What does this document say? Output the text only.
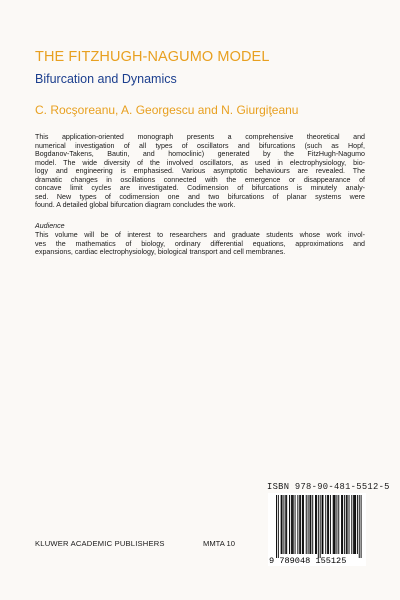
THE FITZHUGH-NAGUMO MODEL
Bifurcation and Dynamics
C. Rocşoreanu, A. Georgescu and N. Giurgiţeanu
This application-oriented monograph presents a comprehensive theoretical and
numerical investigation of all types of oscillators and bifurcations (such as Hopf,
Bogdanov-Takens, Bautin, and homoclinic) generated by the FitzHugh-Nagumo
model. The wide diversity of the involved oscillators, as used in electrophysiology, bio-
logy and engineering is emphasised. Various asymptotic behaviours are revealed. The
dramatic changes in oscillations connected with the emergence or disappearance of
concave limit cycles are investigated. Codimension of bifurcations is minutely analy-
sed. New types of codimension one and two bifurcations of planar systems were
found. A detailed global bifurcation diagram concludes the work.
Audience
This volume will be of interest to researchers and graduate students whose work invol-
ves the mathematics of biology, ordinary differential equations, approximations and
expansions, cardiac electrophysiology, biological transport and cell membranes.
ISBN 978-90-481-5512-5
9 789048 155125
KLUWER ACADEMIC PUBLISHERS	MMTA 10
